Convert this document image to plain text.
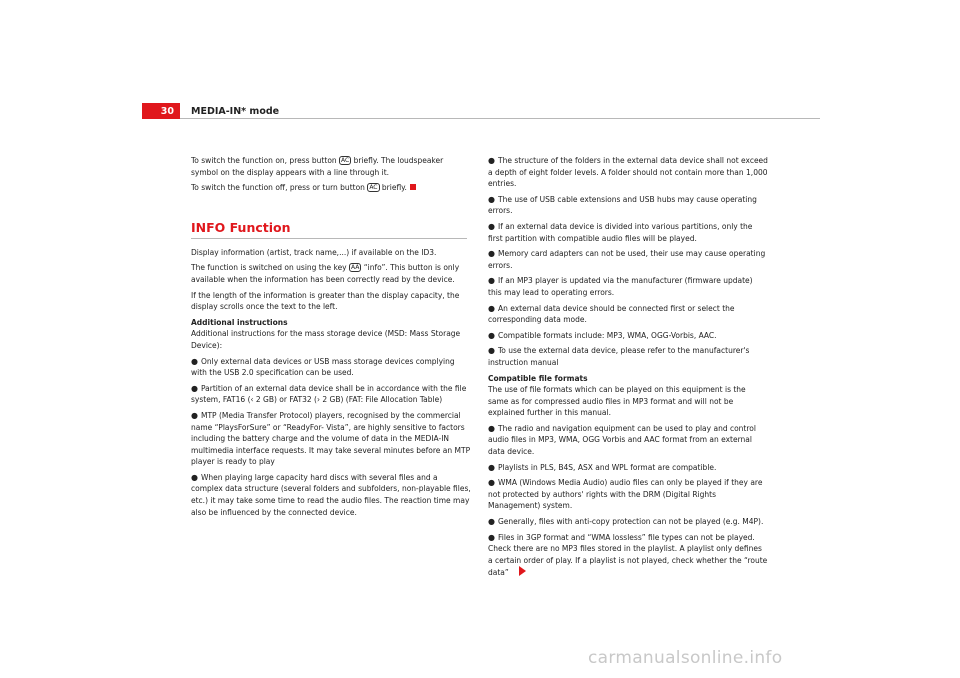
30	MEDIA-IN* mode
To switch the function on, press button AC briefly. The loudspeaker symbol on the display appears with a line through it.
To switch the function off, press or turn button AC briefly.
INFO Function
Display information (artist, track name,...) if available on the ID3.
The function is switched on using the key AA “info”. This button is only available when the information has been correctly read by the device.
If the length of the information is greater than the display capacity, the display scrolls once the text to the left.
Additional instructions
Additional instructions for the mass storage device (MSD: Mass Storage Device):
● Only external data devices or USB mass storage devices complying with the USB 2.0 specification can be used.
● Partition of an external data device shall be in accordance with the file system, FAT16 (‹ 2 GB) or FAT32 (› 2 GB) (FAT: File Allocation Table)
● MTP (Media Transfer Protocol) players, recognised by the commercial name “PlaysForSure” or “ReadyFor- Vista”, are highly sensitive to factors including the battery charge and the volume of data in the MEDIA-IN multimedia interface requests. It may take several minutes before an MTP player is ready to play
● When playing large capacity hard discs with several files and a complex data structure (several folders and subfolders, non-playable files, etc.) it may take some time to read the audio files. The reaction time may also be influenced by the connected device.
● The structure of the folders in the external data device shall not exceed a depth of eight folder levels. A folder should not contain more than 1,000 entries.
● The use of USB cable extensions and USB hubs may cause operating errors.
● If an external data device is divided into various partitions, only the first partition with compatible audio files will be played.
● Memory card adapters can not be used, their use may cause operating errors.
● If an MP3 player is updated via the manufacturer (firmware update) this may lead to operating errors.
● An external data device should be connected first or select the corresponding data mode.
● Compatible formats include: MP3, WMA, OGG-Vorbis, AAC.
● To use the external data device, please refer to the manufacturer's instruction manual
Compatible file formats
The use of file formats which can be played on this equipment is the same as for compressed audio files in MP3 format and will not be explained further in this manual.
● The radio and navigation equipment can be used to play and control audio files in MP3, WMA, OGG Vorbis and AAC format from an external data device.
● Playlists in PLS, B4S, ASX and WPL format are compatible.
● WMA (Windows Media Audio) audio files can only be played if they are not protected by authors' rights with the DRM (Digital Rights Management) system.
● Generally, files with anti-copy protection can not be played (e.g. M4P).
● Files in 3GP format and “WMA lossless” file types can not be played. Check there are no MP3 files stored in the playlist. A playlist only defines a certain order of play. If a playlist is not played, check whether the “route data”
carmanualsonline.info
